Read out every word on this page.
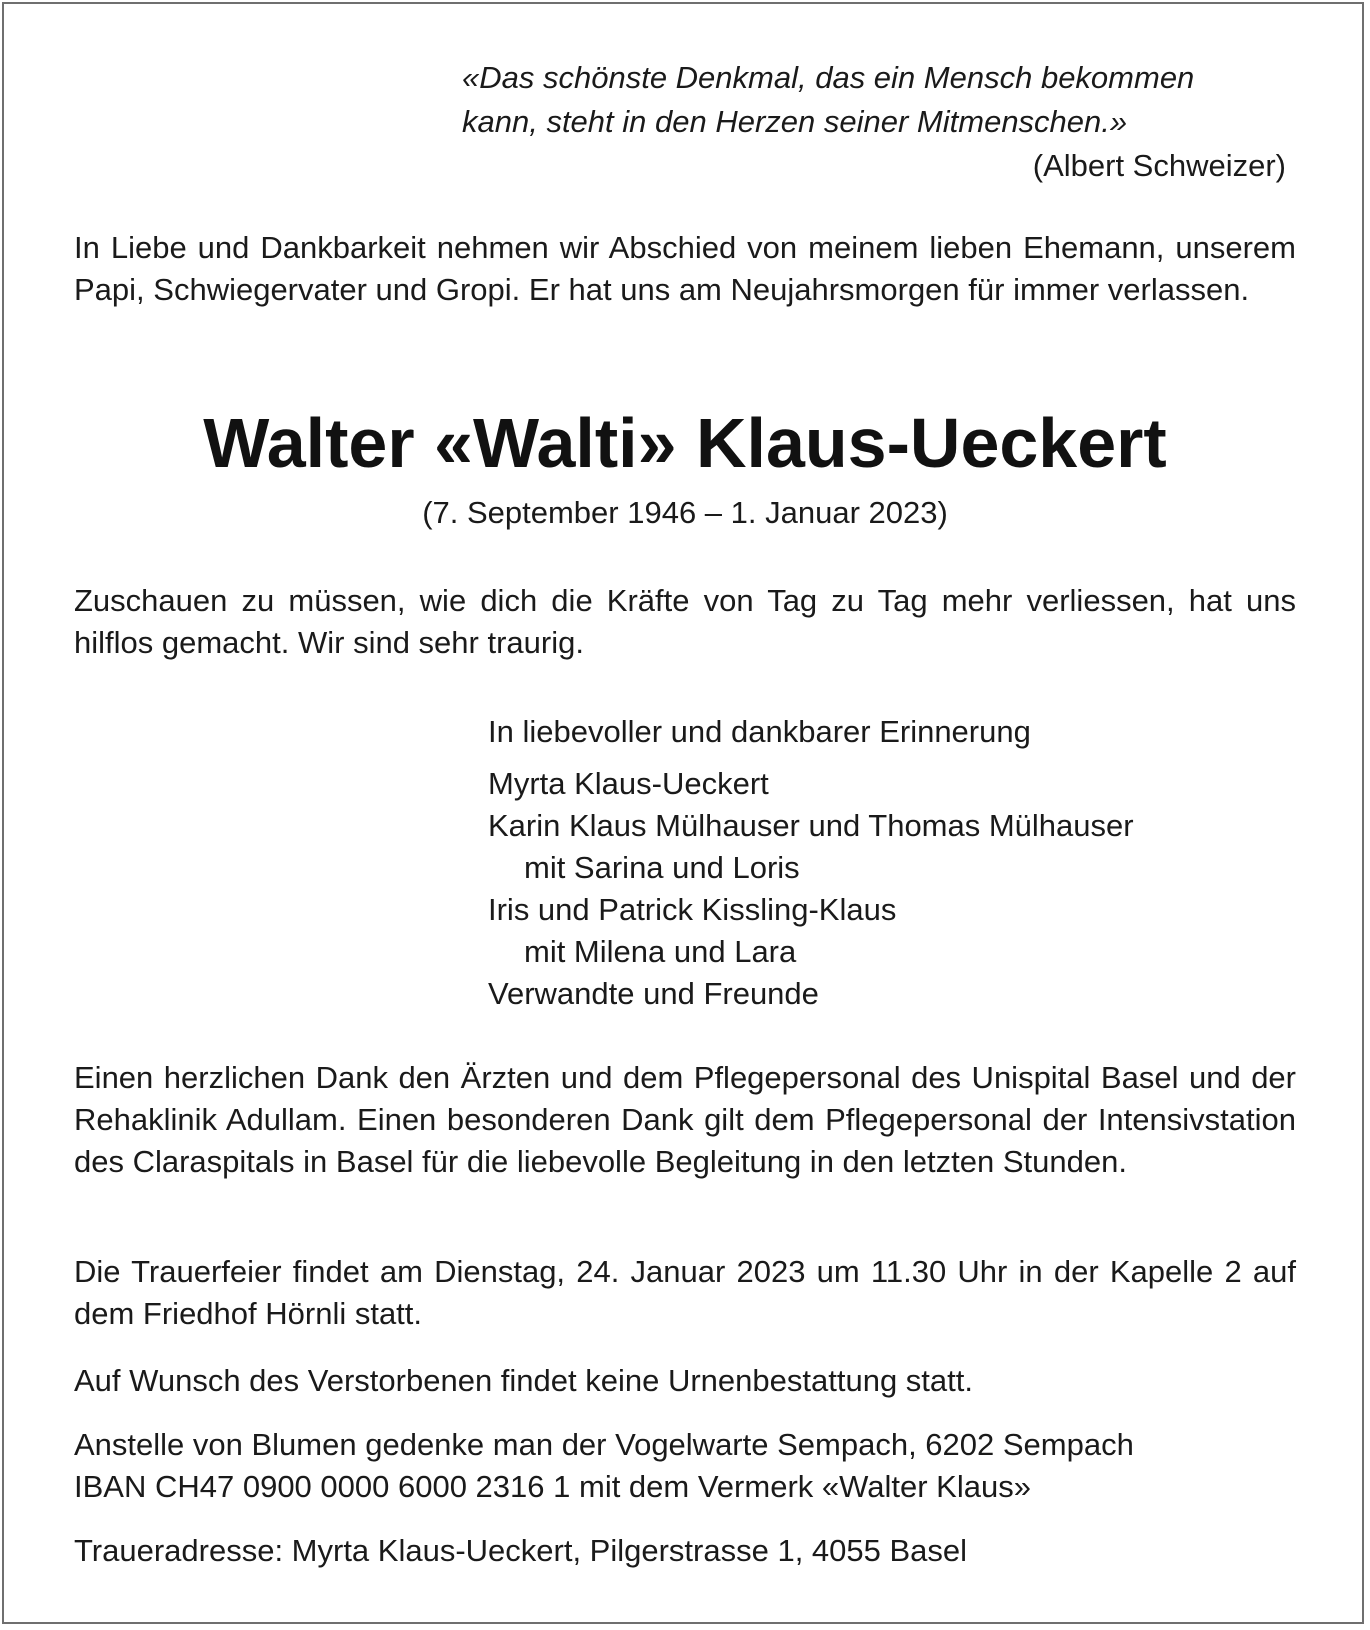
«Das schönste Denkmal, das ein Mensch bekommen
kann, steht in den Herzen seiner Mitmenschen.»
(Albert Schweizer)

In Liebe und Dankbarkeit nehmen wir Abschied von meinem lieben Ehemann, unserem Papi, Schwiegervater und Gropi. Er hat uns am Neujahrsmorgen für immer verlassen.

Walter «Walti» Klaus-Ueckert
(7. September 1946 – 1. Januar 2023)

Zuschauen zu müssen, wie dich die Kräfte von Tag zu Tag mehr verliessen, hat uns hilflos gemacht. Wir sind sehr traurig.

In liebevoller und dankbarer Erinnerung
Myrta Klaus-Ueckert
Karin Klaus Mülhauser und Thomas Mülhauser
mit Sarina und Loris
Iris und Patrick Kissling-Klaus
mit Milena und Lara
Verwandte und Freunde

Einen herzlichen Dank den Ärzten und dem Pflegepersonal des Unispital Basel und der Rehaklinik Adullam. Einen besonderen Dank gilt dem Pflegepersonal der Intensivstation des Claraspitals in Basel für die liebevolle Begleitung in den letzten Stunden.

Die Trauerfeier findet am Dienstag, 24. Januar 2023 um 11.30 Uhr in der Kapelle 2 auf dem Friedhof Hörnli statt.

Auf Wunsch des Verstorbenen findet keine Urnenbestattung statt.

Anstelle von Blumen gedenke man der Vogelwarte Sempach, 6202 Sempach
IBAN CH47 0900 0000 6000 2316 1 mit dem Vermerk «Walter Klaus»

Traueradresse: Myrta Klaus-Ueckert, Pilgerstrasse 1, 4055 Basel
